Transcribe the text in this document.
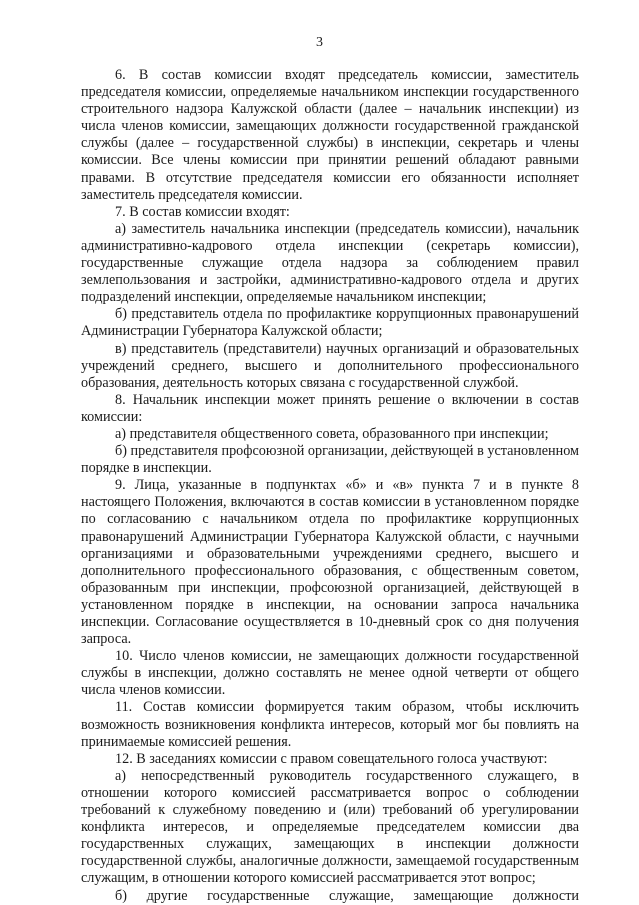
3

6. В состав комиссии входят председатель комиссии, заместитель председателя комиссии, определяемые начальником инспекции государственного строительного надзора Калужской области (далее – начальник инспекции) из числа членов комиссии, замещающих должности государственной гражданской службы (далее – государственной службы) в инспекции, секретарь и члены комиссии. Все члены комиссии при принятии решений обладают равными правами. В отсутствие председателя комиссии его обязанности исполняет заместитель председателя комиссии.

7. В состав комиссии входят:

а) заместитель начальника инспекции (председатель комиссии), начальник административно-кадрового отдела инспекции (секретарь комиссии), государственные служащие отдела надзора за соблюдением правил землепользования и застройки, административно-кадрового отдела и других подразделений инспекции, определяемые начальником инспекции;

б) представитель отдела по профилактике коррупционных правонарушений Администрации Губернатора Калужской области;

в) представитель (представители) научных организаций и образовательных учреждений среднего, высшего и дополнительного профессионального образования, деятельность которых связана с государственной службой.

8. Начальник инспекции может принять решение о включении в состав комиссии:

а) представителя общественного совета, образованного при инспекции;

б) представителя профсоюзной организации, действующей в установленном порядке в инспекции.

9. Лица, указанные в подпунктах «б» и «в» пункта 7 и в пункте 8 настоящего Положения, включаются в состав комиссии в установленном порядке по согласованию с начальником отдела по профилактике коррупционных правонарушений Администрации Губернатора Калужской области, с научными организациями и образовательными учреждениями среднего, высшего и дополнительного профессионального образования, с общественным советом, образованным при инспекции, профсоюзной организацией, действующей в установленном порядке в инспекции, на основании запроса начальника инспекции. Согласование осуществляется в 10-дневный срок со дня получения запроса.

10. Число членов комиссии, не замещающих должности государственной службы в инспекции, должно составлять не менее одной четверти от общего числа членов комиссии.

11. Состав комиссии формируется таким образом, чтобы исключить возможность возникновения конфликта интересов, который мог бы повлиять на принимаемые комиссией решения.

12. В заседаниях комиссии с правом совещательного голоса участвуют:

а) непосредственный руководитель государственного служащего, в отношении которого комиссией рассматривается вопрос о соблюдении требований к служебному поведению и (или) требований об урегулировании конфликта интересов, и определяемые председателем комиссии два государственных служащих, замещающих в инспекции должности государственной службы, аналогичные должности, замещаемой государственным служащим, в отношении которого комиссией рассматривается этот вопрос;

б) другие государственные служащие, замещающие должности
